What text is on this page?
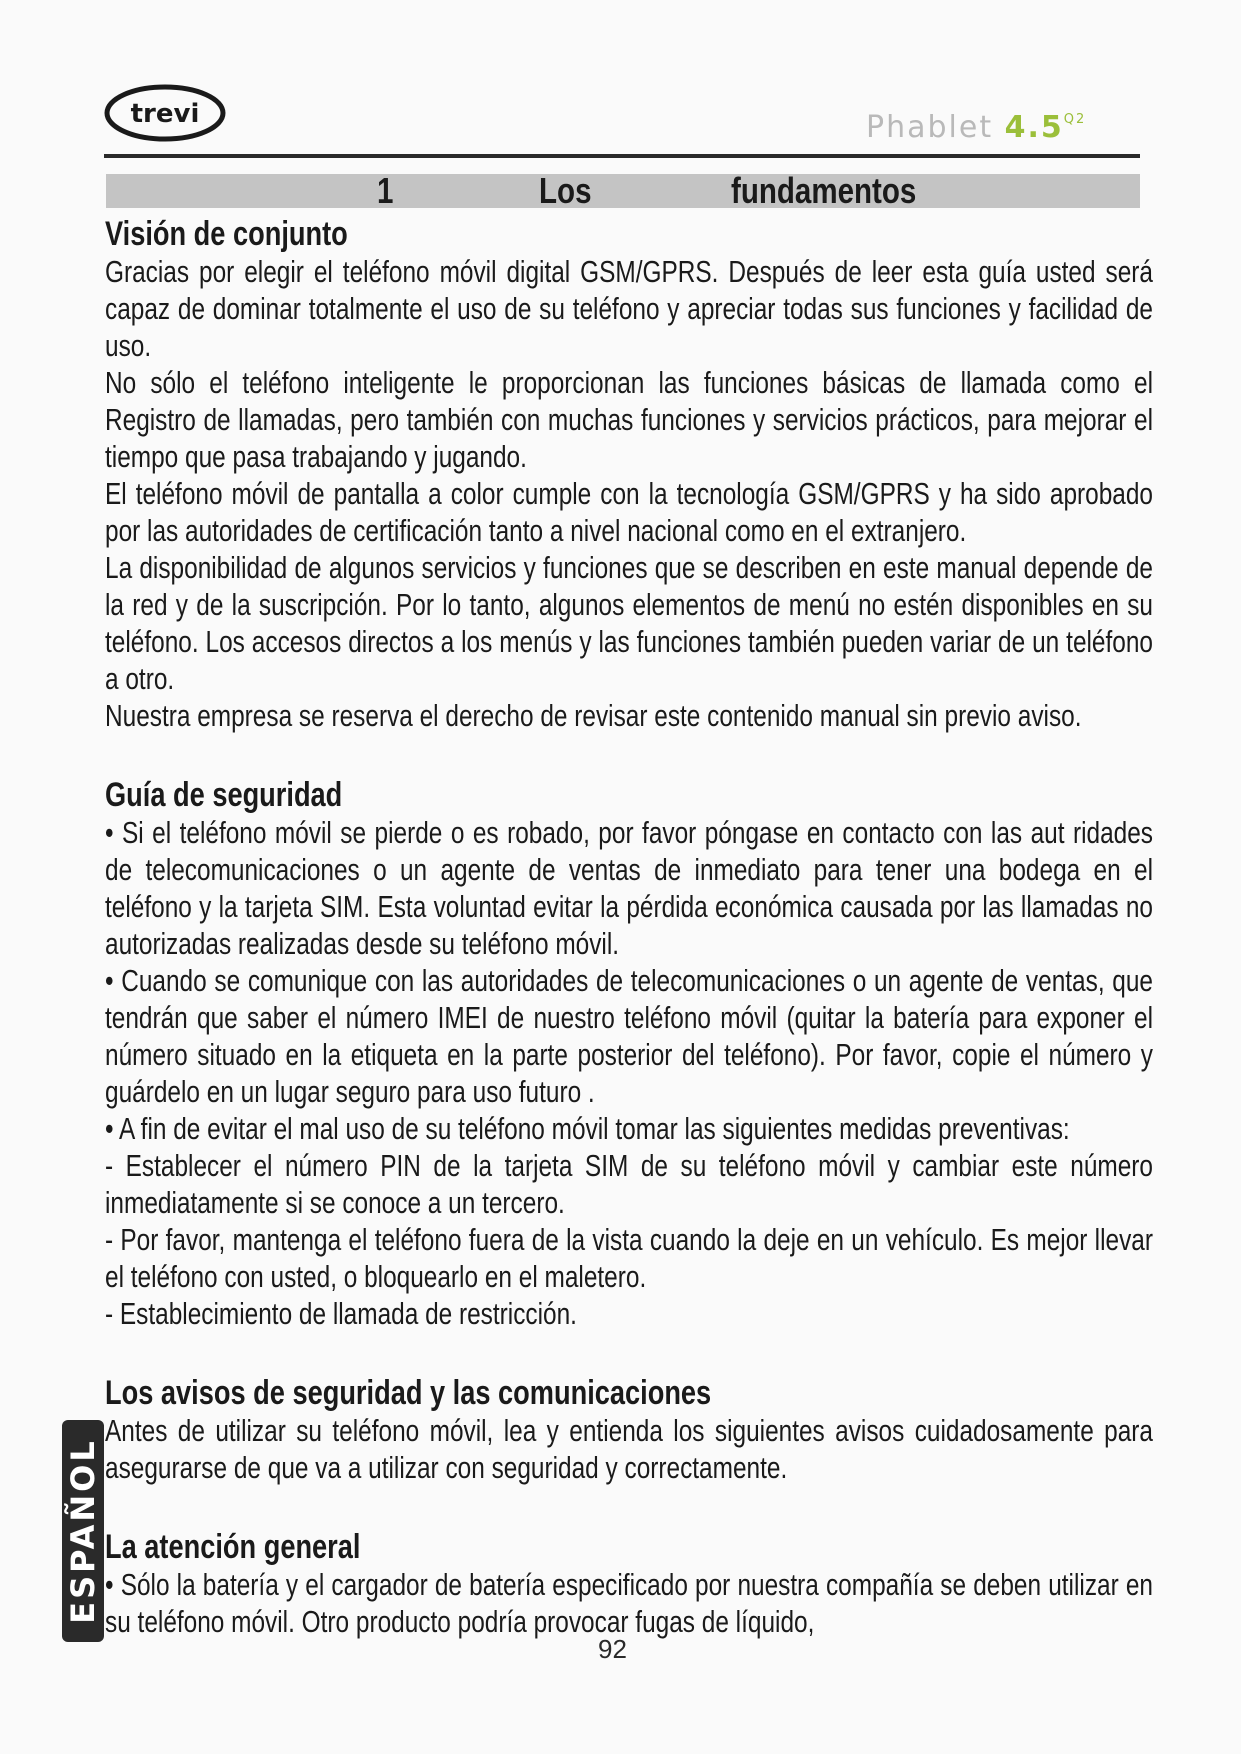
trevi	Phablet $4.5^{Q2}$
1	Los	fundamentos
Visión de conjunto

Gracias por elegir el teléfono móvil digital GSM/GPRS. Después de leer esta guía usted será capaz de dominar totalmente el uso de su teléfono y apreciar todas sus funciones y facilidad de uso.

No sólo el teléfono inteligente le proporcionan las funciones básicas de llamada como el Registro de llamadas, pero también con muchas funciones y servicios prácticos, para mejorar el tiempo que pasa trabajando y jugando.

El teléfono móvil de pantalla a color cumple con la tecnología GSM/GPRS y ha sido aprobado por las autoridades de certificación tanto a nivel nacional como en el extranjero.

La disponibilidad de algunos servicios y funciones que se describen en este manual depende de la red y de la suscripción. Por lo tanto, algunos elementos de menú no estén disponibles en su teléfono. Los accesos directos a los menús y las funciones también pueden variar de un teléfono a otro.

Nuestra empresa se reserva el derecho de revisar este contenido manual sin previo aviso.

Guía de seguridad

• Si el teléfono móvil se pierde o es robado, por favor póngase en contacto con las aut ridades de telecomunicaciones o un agente de ventas de inmediato para tener una bodega en el teléfono y la tarjeta SIM. Esta voluntad evitar la pérdida económica causada por las llamadas no autorizadas realizadas desde su teléfono móvil.

• Cuando se comunique con las autoridades de telecomunicaciones o un agente de ventas, que tendrán que saber el número IMEI de nuestro teléfono móvil (quitar la batería para exponer el número situado en la etiqueta en la parte posterior del teléfono). Por favor, copie el número y guárdelo en un lugar seguro para uso futuro .

• A fin de evitar el mal uso de su teléfono móvil tomar las siguientes medidas preventivas:

- Establecer el número PIN de la tarjeta SIM de su teléfono móvil y cambiar este número inmediatamente si se conoce a un tercero.

- Por favor, mantenga el teléfono fuera de la vista cuando la deje en un vehículo. Es mejor llevar el teléfono con usted, o bloquearlo en el maletero.

- Establecimiento de llamada de restricción.

Los avisos de seguridad y las comunicaciones

Antes de utilizar su teléfono móvil, lea y entienda los siguientes avisos cuidadosamente para asegurarse de que va a utilizar con seguridad y correctamente.

La atención general

• Sólo la batería y el cargador de batería especificado por nuestra compañía se deben utilizar en su teléfono móvil. Otro producto podría provocar fugas de líquido,

ESPAÑOL
92
